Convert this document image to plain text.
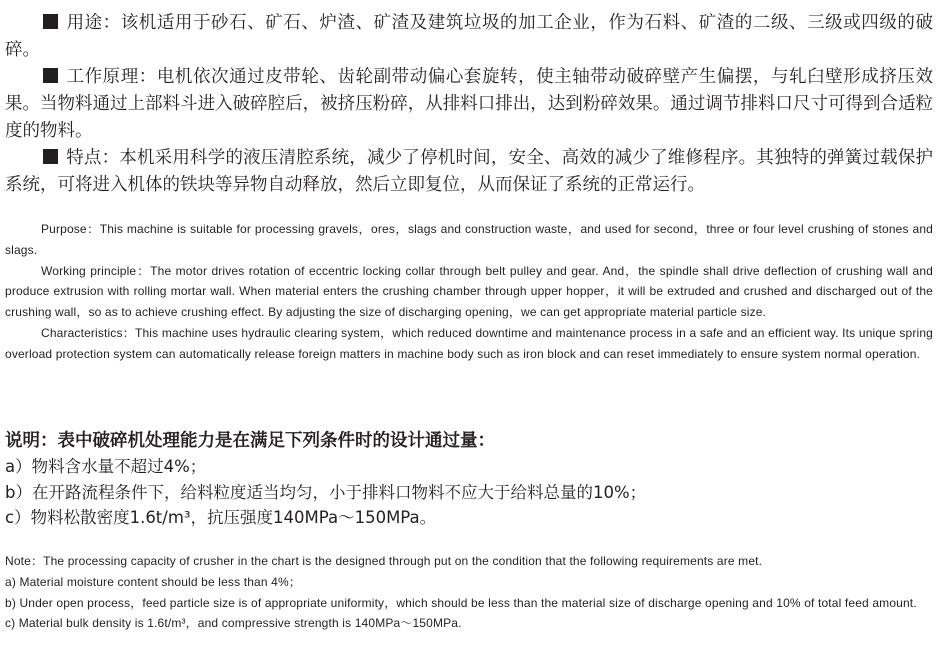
用途：该机适用于砂石、矿石、炉渣、矿渣及建筑垃圾的加工企业，作为石料、矿渣的二级、三级或四级的破碎。

工作原理：电机依次通过皮带轮、齿轮副带动偏心套旋转，使主轴带动破碎壁产生偏摆，与轧臼壁形成挤压效果。当物料通过上部料斗进入破碎腔后，被挤压粉碎，从排料口排出，达到粉碎效果。通过调节排料口尺寸可得到合适粒度的物料。

特点：本机采用科学的液压清腔系统，减少了停机时间，安全、高效的减少了维修程序。其独特的弹簧过载保护系统，可将进入机体的铁块等异物自动释放，然后立即复位，从而保证了系统的正常运行。

Purpose：This machine is suitable for processing gravels，ores，slags and construction waste，and used for second，three or four level crushing of stones and slags.

Working principle：The motor drives rotation of eccentric locking collar through belt pulley and gear. And，the spindle shall drive deflection of crushing wall and produce extrusion with rolling mortar wall. When material enters the crushing chamber through upper hopper，it will be extruded and crushed and discharged out of the crushing wall，so as to achieve crushing effect. By adjusting the size of discharging opening，we can get appropriate material particle size.

Characteristics：This machine uses hydraulic clearing system，which reduced downtime and maintenance process in a safe and an efficient way. Its unique spring overload protection system can automatically release foreign matters in machine body such as iron block and can reset immediately to ensure system normal operation.

说明：表中破碎机处理能力是在满足下列条件时的设计通过量：

a）物料含水量不超过4%；

b）在开路流程条件下，给料粒度适当均匀，小于排料口物料不应大于给料总量的10%；

c）物料松散密度1.6t/m³，抗压强度140MPa～150MPa。

Note：The processing capacity of crusher in the chart is the designed through put on the condition that the following requirements are met.

a) Material moisture content should be less than 4%；

b) Under open process，feed particle size is of appropriate uniformity，which should be less than the material size of discharge opening and 10% of total feed amount.

c) Material bulk density is 1.6t/m³，and compressive strength is 140MPa～150MPa.
